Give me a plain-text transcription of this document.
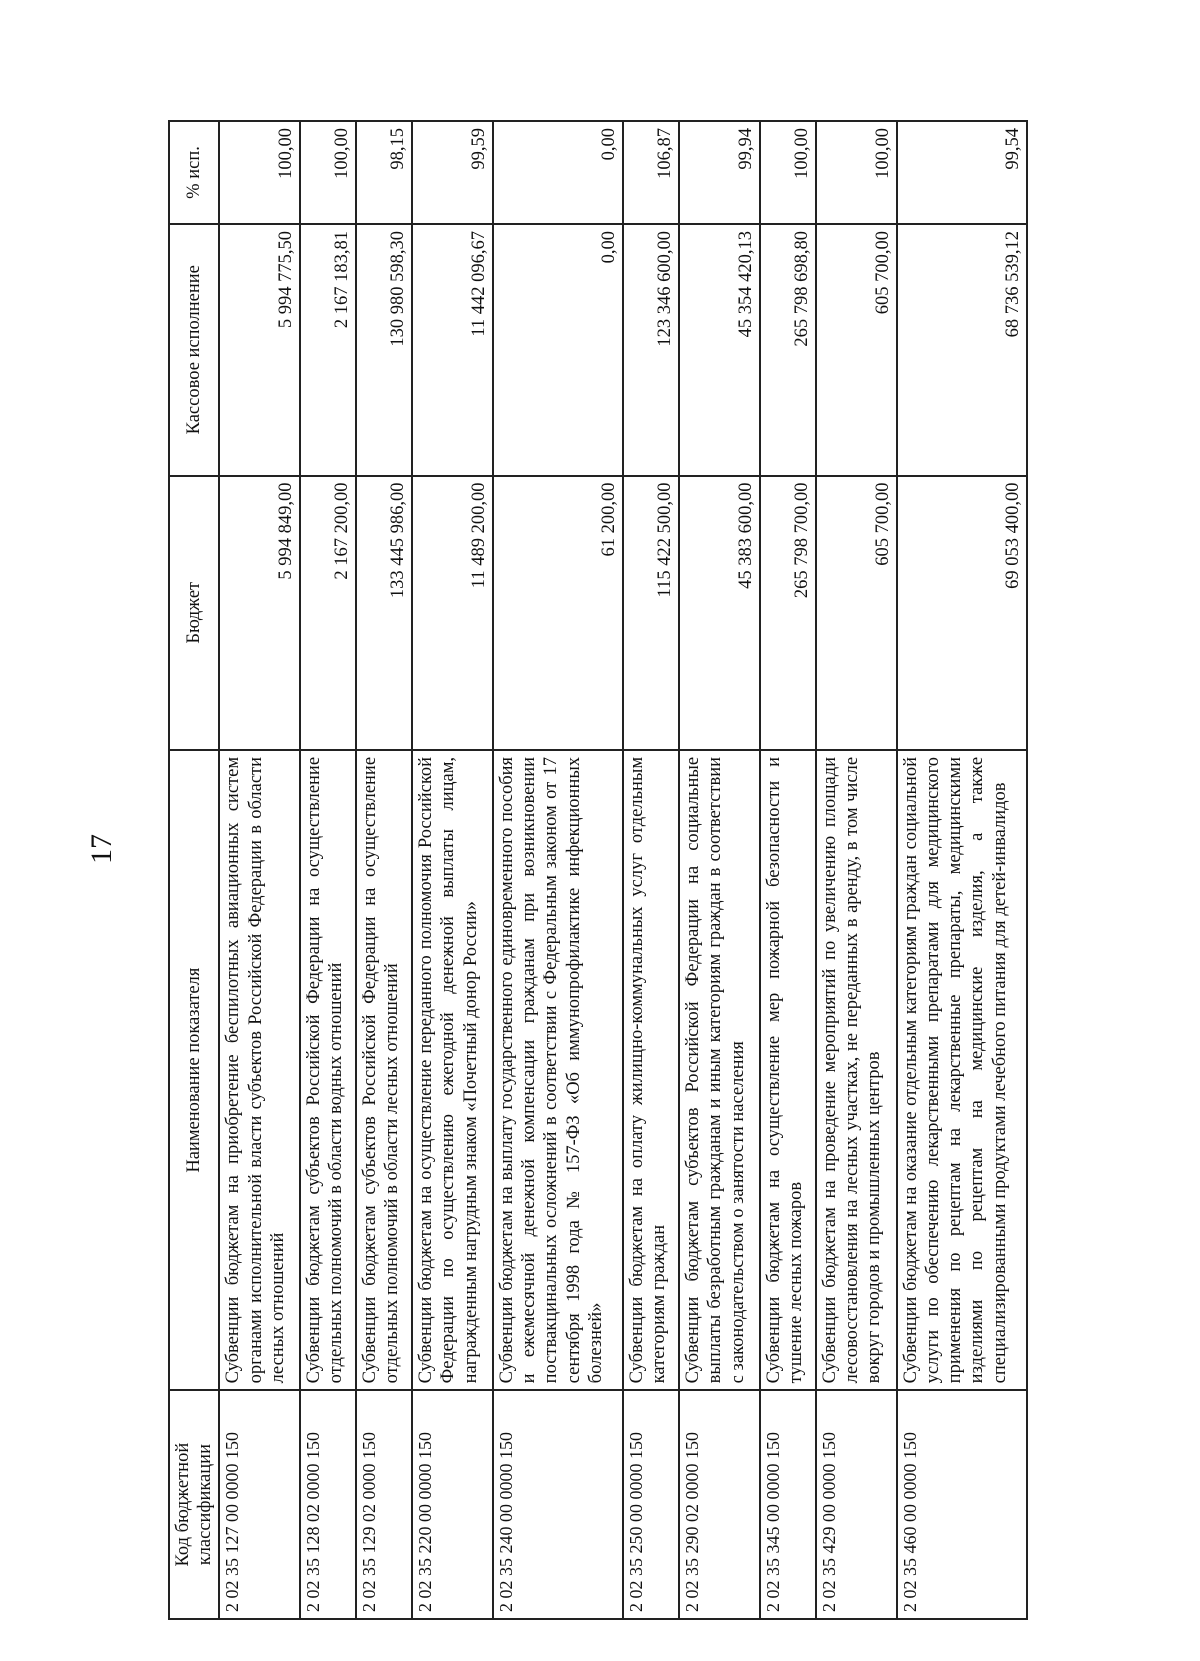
17
Код бюджетной классификации	Наименование показателя	Бюджет	Кассовое исполнение	% исп.
2 02 35 127 00 0000 150	Субвенции бюджетам на приобретение беспилотных авиационных систем органами исполнительной власти субъектов Российской Федерации в области лесных отношений	5 994 849,00	5 994 775,50	100,00
2 02 35 128 02 0000 150	Субвенции бюджетам субъектов Российской Федерации на осуществление отдельных полномочий в области водных отношений	2 167 200,00	2 167 183,81	100,00
2 02 35 129 02 0000 150	Субвенции бюджетам субъектов Российской Федерации на осуществление отдельных полномочий в области лесных отношений	133 445 986,00	130 980 598,30	98,15
2 02 35 220 00 0000 150	Субвенции бюджетам на осуществление переданного полномочия Российской Федерации по осуществлению ежегодной денежной выплаты лицам, награжденным нагрудным знаком «Почетный донор России»	11 489 200,00	11 442 096,67	99,59
2 02 35 240 00 0000 150	Субвенции бюджетам на выплату государственного единовременного пособия и ежемесячной денежной компенсации гражданам при возникновении поствакцинальных осложнений в соответствии с Федеральным законом от 17 сентября 1998 года № 157-ФЗ «Об иммунопрофилактике инфекционных болезней»	61 200,00	0,00	0,00
2 02 35 250 00 0000 150	Субвенции бюджетам на оплату жилищно-коммунальных услуг отдельным категориям граждан	115 422 500,00	123 346 600,00	106,87
2 02 35 290 02 0000 150	Субвенции бюджетам субъектов Российской Федерации на социальные выплаты безработным гражданам и иным категориям граждан в соответствии с законодательством о занятости населения	45 383 600,00	45 354 420,13	99,94
2 02 35 345 00 0000 150	Субвенции бюджетам на осуществление мер пожарной безопасности и тушение лесных пожаров	265 798 700,00	265 798 698,80	100,00
2 02 35 429 00 0000 150	Субвенции бюджетам на проведение мероприятий по увеличению площади лесовосстановления на лесных участках, не переданных в аренду, в том числе вокруг городов и промышленных центров	605 700,00	605 700,00	100,00
2 02 35 460 00 0000 150	Субвенции бюджетам на оказание отдельным категориям граждан социальной услуги по обеспечению лекарственными препаратами для медицинского применения по рецептам на лекарственные препараты, медицинскими изделиями по рецептам на медицинские изделия, а также специализированными продуктами лечебного питания для детей-инвалидов	69 053 400,00	68 736 539,12	99,54
